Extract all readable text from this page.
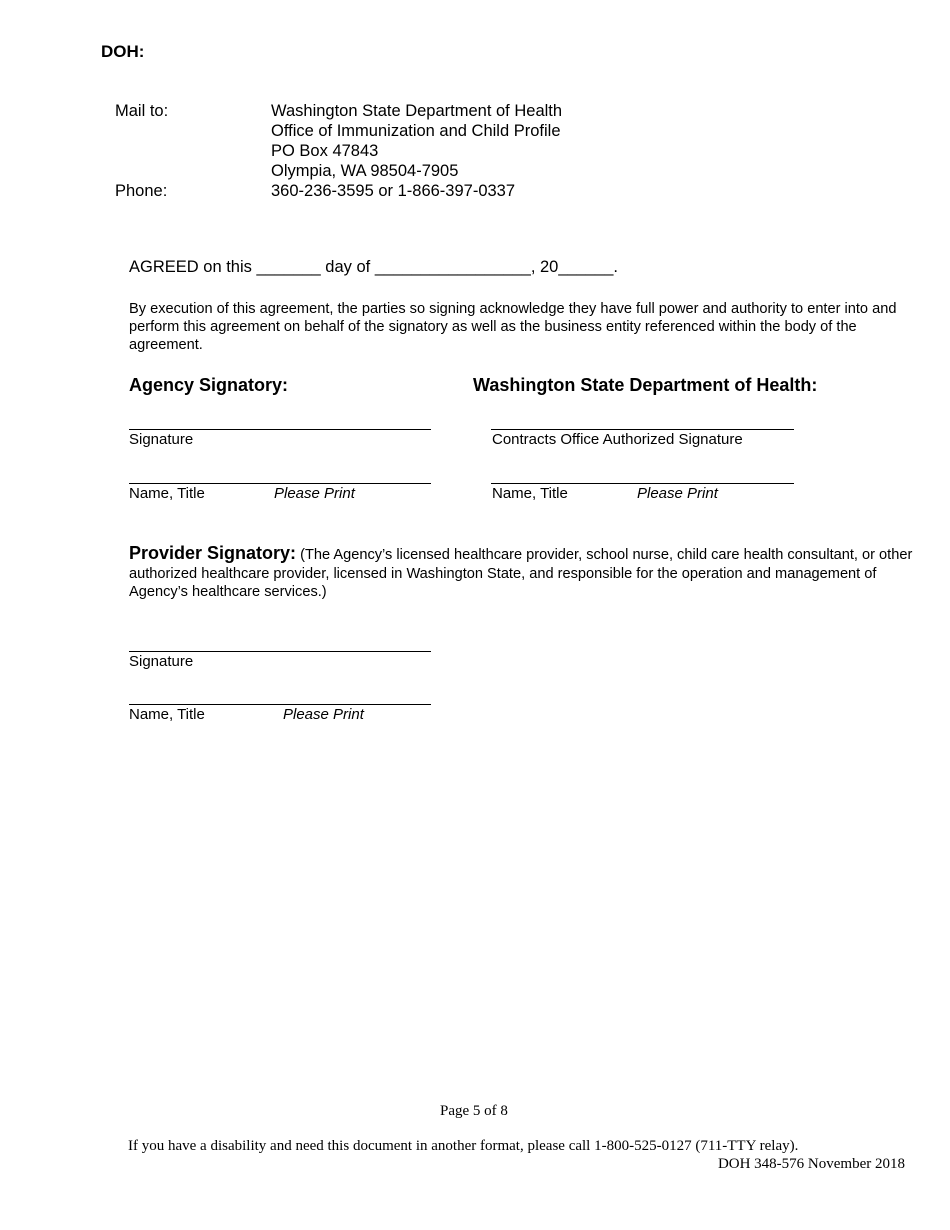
DOH:
Mail to:	Washington State Department of Health
Office of Immunization and Child Profile
PO Box 47843
Olympia, WA 98504-7905
Phone:	360-236-3595 or 1-866-397-0337
AGREED on this _______ day of _________________, 20______.
By execution of this agreement, the parties so signing acknowledge they have full power and authority to enter into and perform this agreement on behalf of the signatory as well as the business entity referenced within the body of the agreement.
Agency Signatory:	Washington State Department of Health:
Signature
Name, Title	Please Print
Contracts Office Authorized Signature
Name, Title	Please Print
Provider Signatory: (The Agency’s licensed healthcare provider, school nurse, child care health consultant, or other authorized healthcare provider, licensed in Washington State, and responsible for the operation and management of Agency’s healthcare services.)
Signature
Name, Title	Please Print
Page 5 of 8
If you have a disability and need this document in another format, please call 1-800-525-0127 (711-TTY relay).
DOH 348-576 November 2018
